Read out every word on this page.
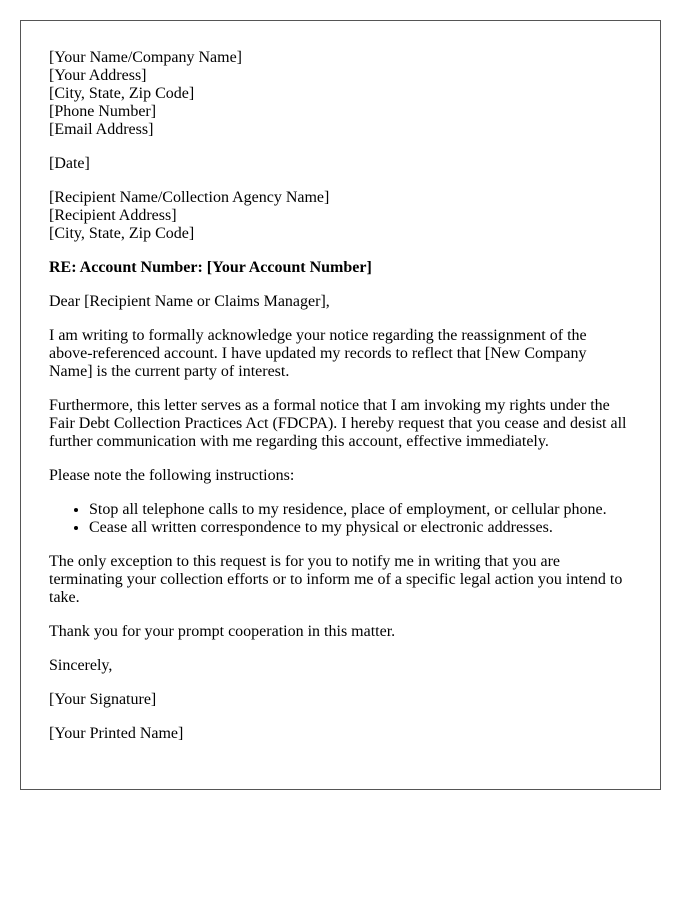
[Your Name/Company Name]

[Your Address]

[City, State, Zip Code]

[Phone Number]

[Email Address]

[Date]

[Recipient Name/Collection Agency Name]

[Recipient Address]

[City, State, Zip Code]

RE: Account Number: [Your Account Number]

Dear [Recipient Name or Claims Manager],

I am writing to formally acknowledge your notice regarding the reassignment of the above-referenced account. I have updated my records to reflect that [New Company Name] is the current party of interest.

Furthermore, this letter serves as a formal notice that I am invoking my rights under the Fair Debt Collection Practices Act (FDCPA). I hereby request that you cease and desist all further communication with me regarding this account, effective immediately.

Please note the following instructions:

• Stop all telephone calls to my residence, place of employment, or cellular phone.
• Cease all written correspondence to my physical or electronic addresses.

The only exception to this request is for you to notify me in writing that you are terminating your collection efforts or to inform me of a specific legal action you intend to take.

Thank you for your prompt cooperation in this matter.

Sincerely,

[Your Signature]

[Your Printed Name]
